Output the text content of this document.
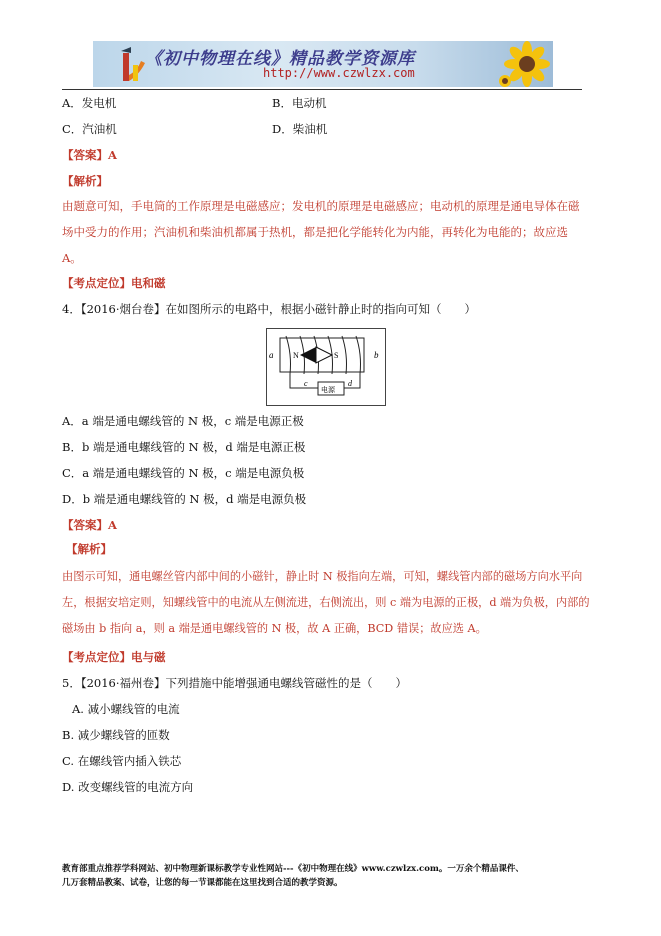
《初中物理在线》精品教学资源库
http://www.czwlzx.com
A．发电机	B．电动机
C．汽油机	D．柴油机
【答案】A
【解析】
由题意可知，手电筒的工作原理是电磁感应；发电机的原理是电磁感应；电动机的原理是通电导体在磁
场中受力的作用；汽油机和柴油机都属于热机，都是把化学能转化为内能，再转化为电能的；故应选
A。
【考点定位】电和磁
4．【2016·烟台卷】在如图所示的电路中，根据小磁针静止时的指向可知（　　）
a	b
N	S
c	d
电源
A．a 端是通电螺线管的 N 极，c 端是电源正极
B．b 端是通电螺线管的 N 极，d 端是电源正极
C．a 端是通电螺线管的 N 极，c 端是电源负极
D．b 端是通电螺线管的 N 极，d 端是电源负极
【答案】A
【解析】
由图示可知，通电螺丝管内部中间的小磁针，静止时 N 极指向左端，可知，螺线管内部的磁场方向水平向
左，根据安培定则，知螺线管中的电流从左侧流进，右侧流出，则 c 端为电源的正极，d 端为负极，内部的
磁场由 b 指向 a，则 a 端是通电螺线管的 N 极，故 A 正确，BCD 错误；故应选 A。
【考点定位】电与磁
5．【2016·福州卷】下列措施中能增强通电螺线管磁性的是（　　）
A. 减小螺线管的电流
B. 减少螺线管的匝数
C. 在螺线管内插入铁芯
D. 改变螺线管的电流方向
教育部重点推荐学科网站、初中物理新课标教学专业性网站---《初中物理在线》www.czwlzx.com。一万余个精品课件、
几万套精品教案、试卷，让您的每一节课都能在这里找到合适的教学资源。
